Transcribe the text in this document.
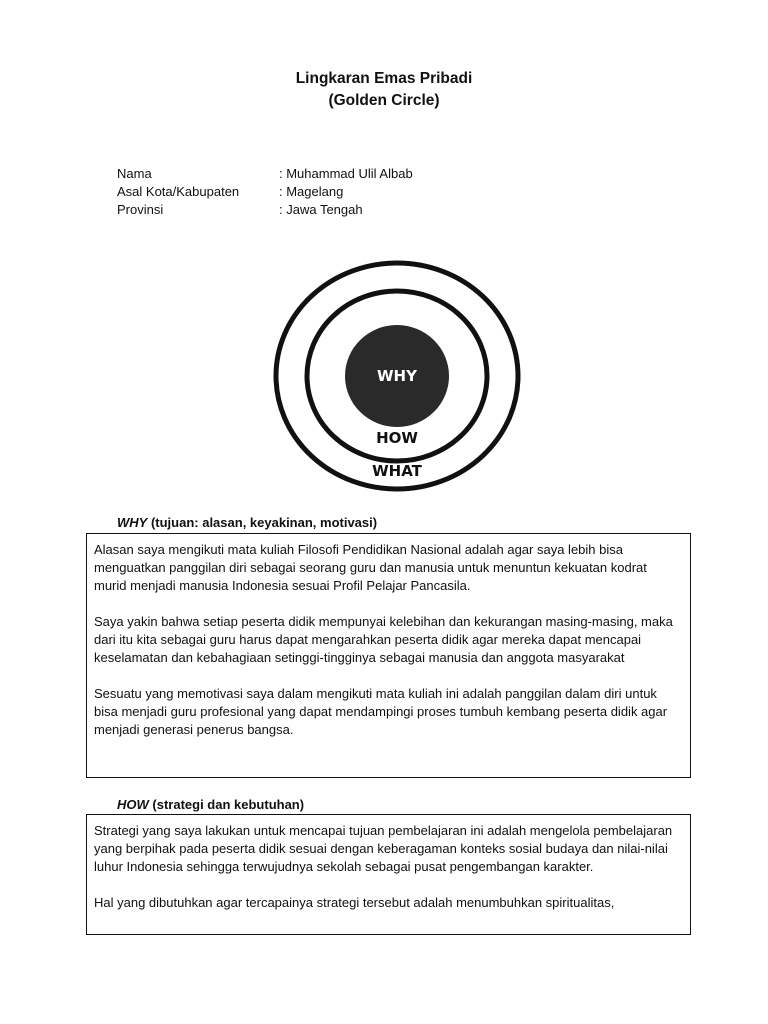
Lingkaran Emas Pribadi
(Golden Circle)
Nama	: Muhammad Ulil Albab
Asal Kota/Kabupaten	: Magelang
Provinsi	: Jawa Tengah
WHY
HOW
WHAT
WHY (tujuan: alasan, keyakinan, motivasi)

Alasan saya mengikuti mata kuliah Filosofi Pendidikan Nasional adalah agar saya lebih bisa menguatkan panggilan diri sebagai seorang guru dan manusia untuk menuntun kekuatan kodrat murid menjadi manusia Indonesia sesuai Profil Pelajar Pancasila.

Saya yakin bahwa setiap peserta didik mempunyai kelebihan dan kekurangan masing-masing, maka dari itu kita sebagai guru harus dapat mengarahkan peserta didik agar mereka dapat mencapai keselamatan dan kebahagiaan setinggi-tingginya sebagai manusia dan anggota masyarakat

Sesuatu yang memotivasi saya dalam mengikuti mata kuliah ini adalah panggilan dalam diri untuk bisa menjadi guru profesional yang dapat mendampingi proses tumbuh kembang peserta didik agar menjadi generasi penerus bangsa.

HOW (strategi dan kebutuhan)

Strategi yang saya lakukan untuk mencapai tujuan pembelajaran ini adalah mengelola pembelajaran yang berpihak pada peserta didik sesuai dengan keberagaman konteks sosial budaya dan nilai-nilai luhur Indonesia sehingga terwujudnya sekolah sebagai pusat pengembangan karakter.

Hal yang dibutuhkan agar tercapainya strategi tersebut adalah menumbuhkan spiritualitas,
